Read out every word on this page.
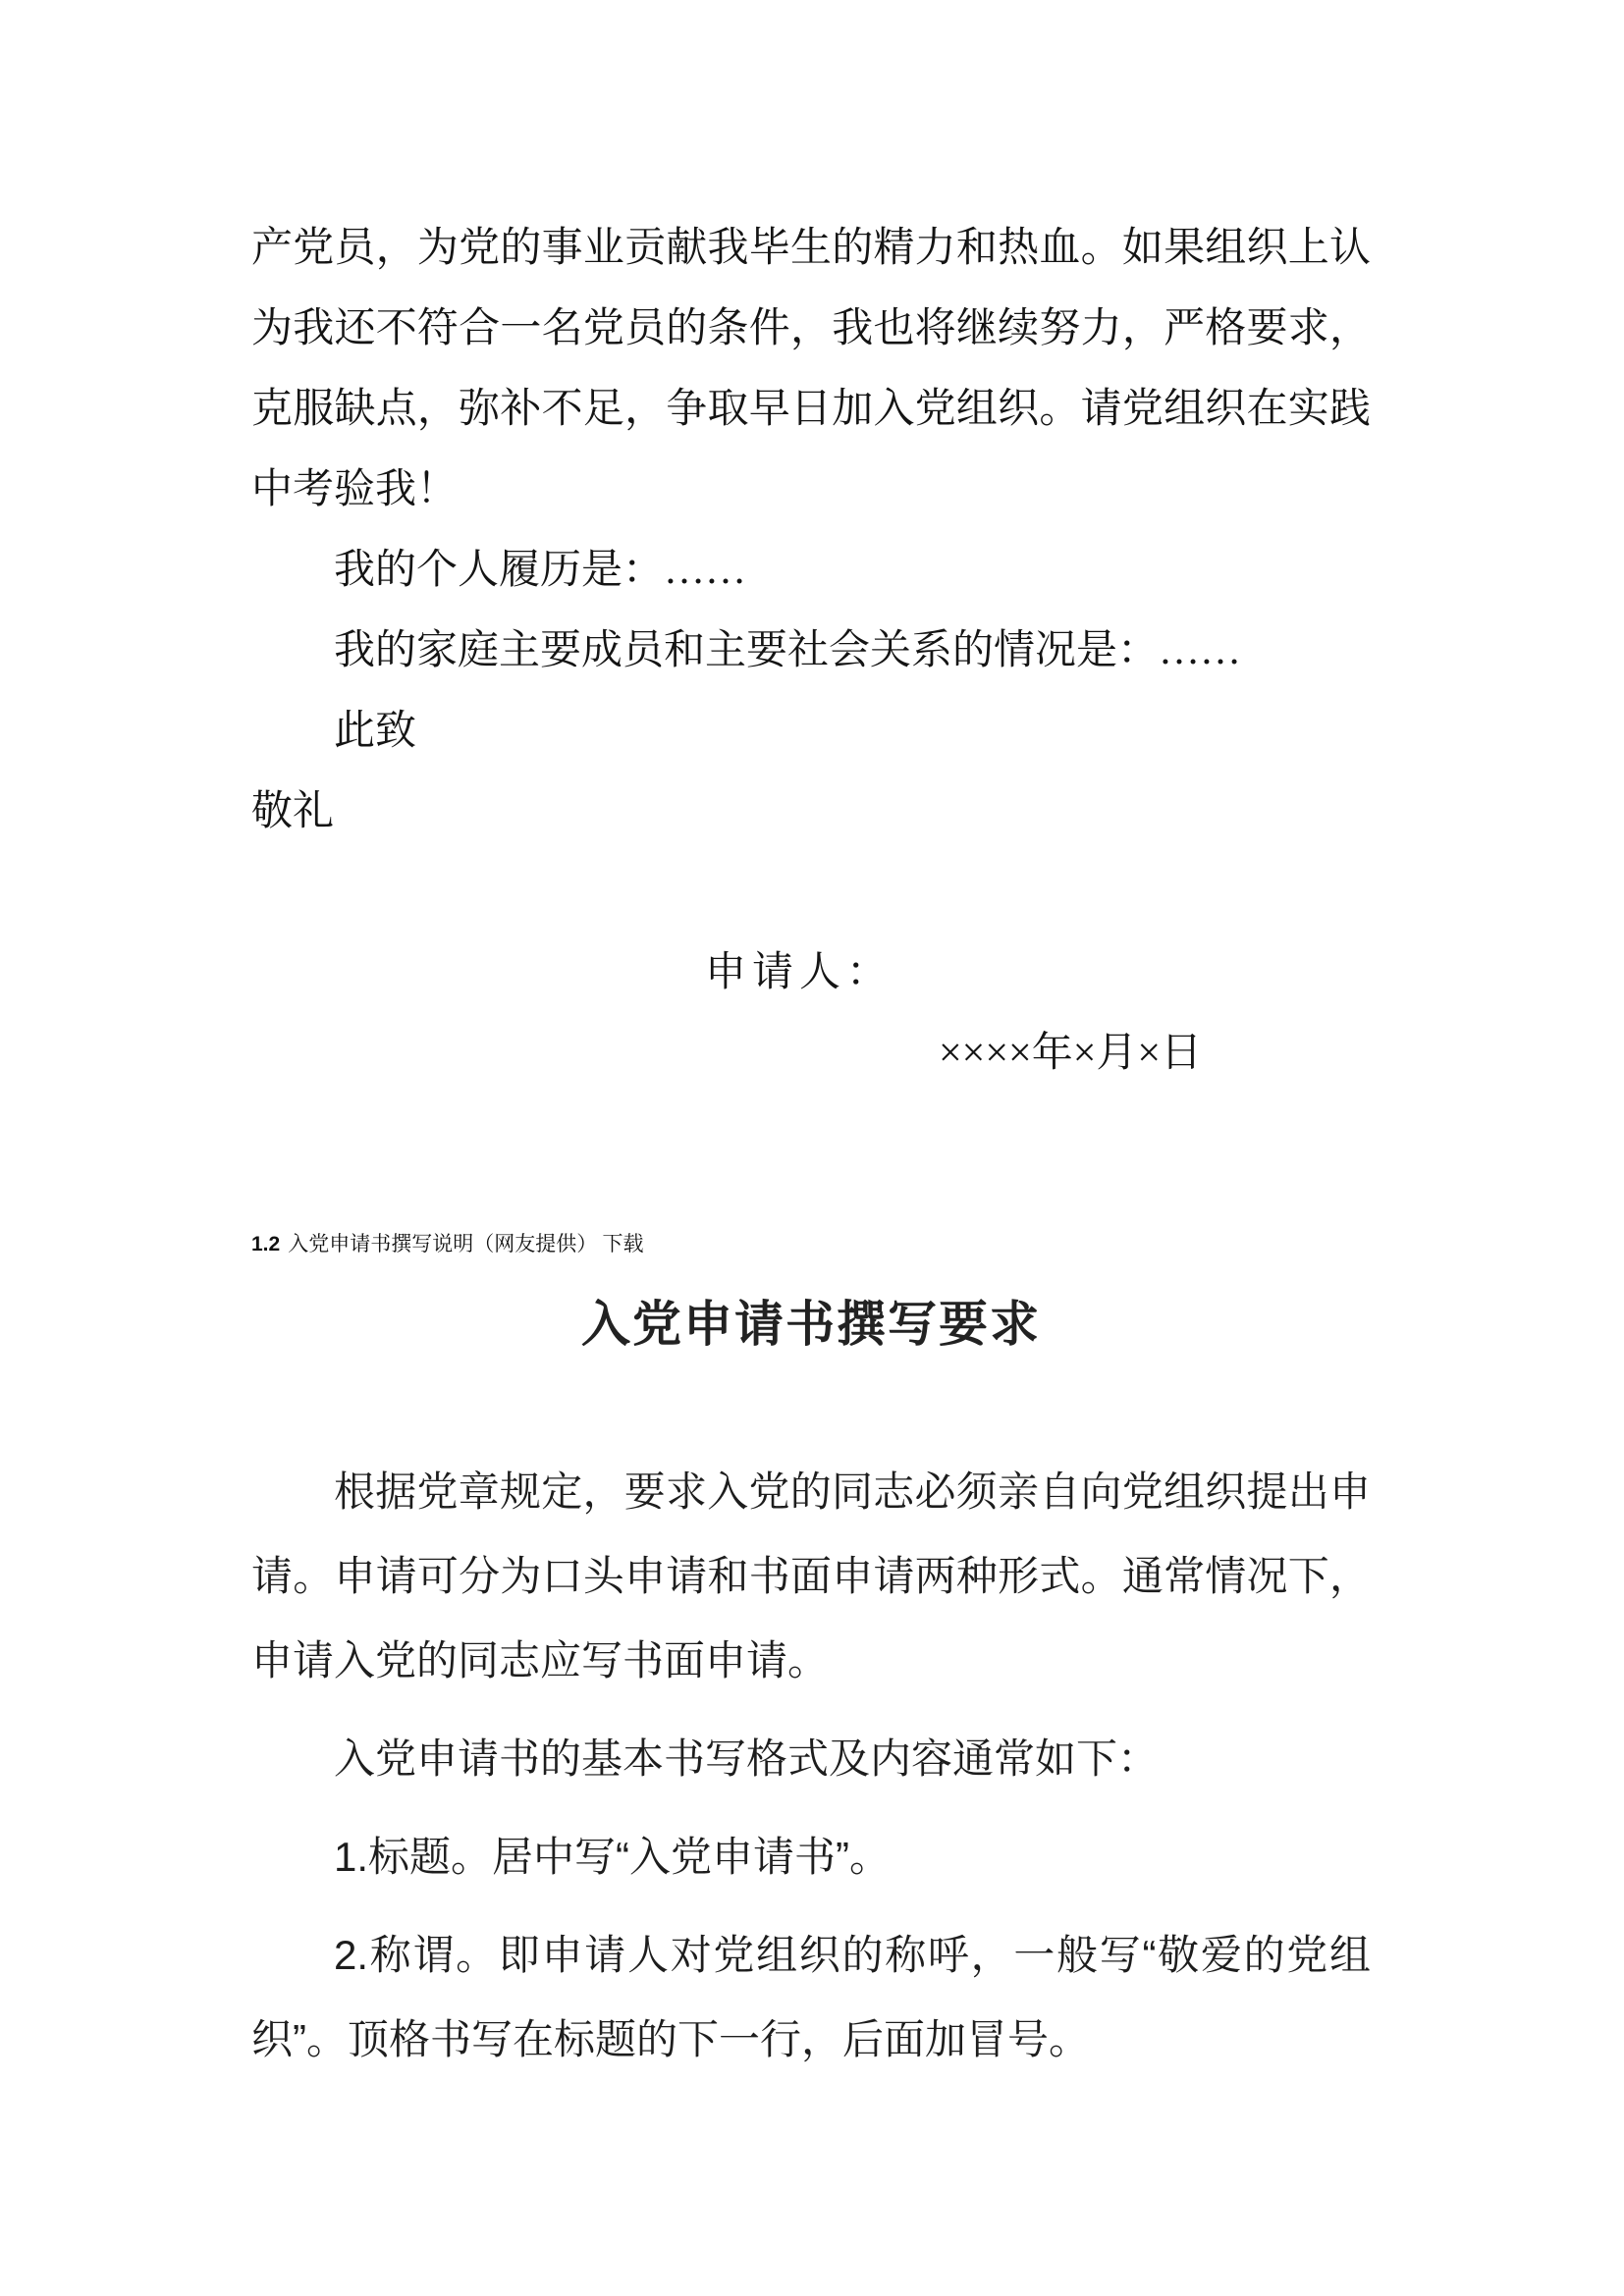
产党员，为党的事业贡献我毕生的精力和热血。如果组织上认为我还不符合一名党员的条件，我也将继续努力，严格要求，克服缺点，弥补不足，争取早日加入党组织。请党组织在实践中考验我！

我的个人履历是：……

我的家庭主要成员和主要社会关系的情况是：……

此致

敬礼

申请人：

××××年×月×日

1.2 入党申请书撰写说明（网友提供） 下载

入党申请书撰写要求

根据党章规定，要求入党的同志必须亲自向党组织提出申请。申请可分为口头申请和书面申请两种形式。通常情况下，申请入党的同志应写书面申请。

入党申请书的基本书写格式及内容通常如下：

1.标题。居中写“入党申请书”。

2.称谓。即申请人对党组织的称呼，一般写“敬爱的党组织”。顶格书写在标题的下一行，后面加冒号。
